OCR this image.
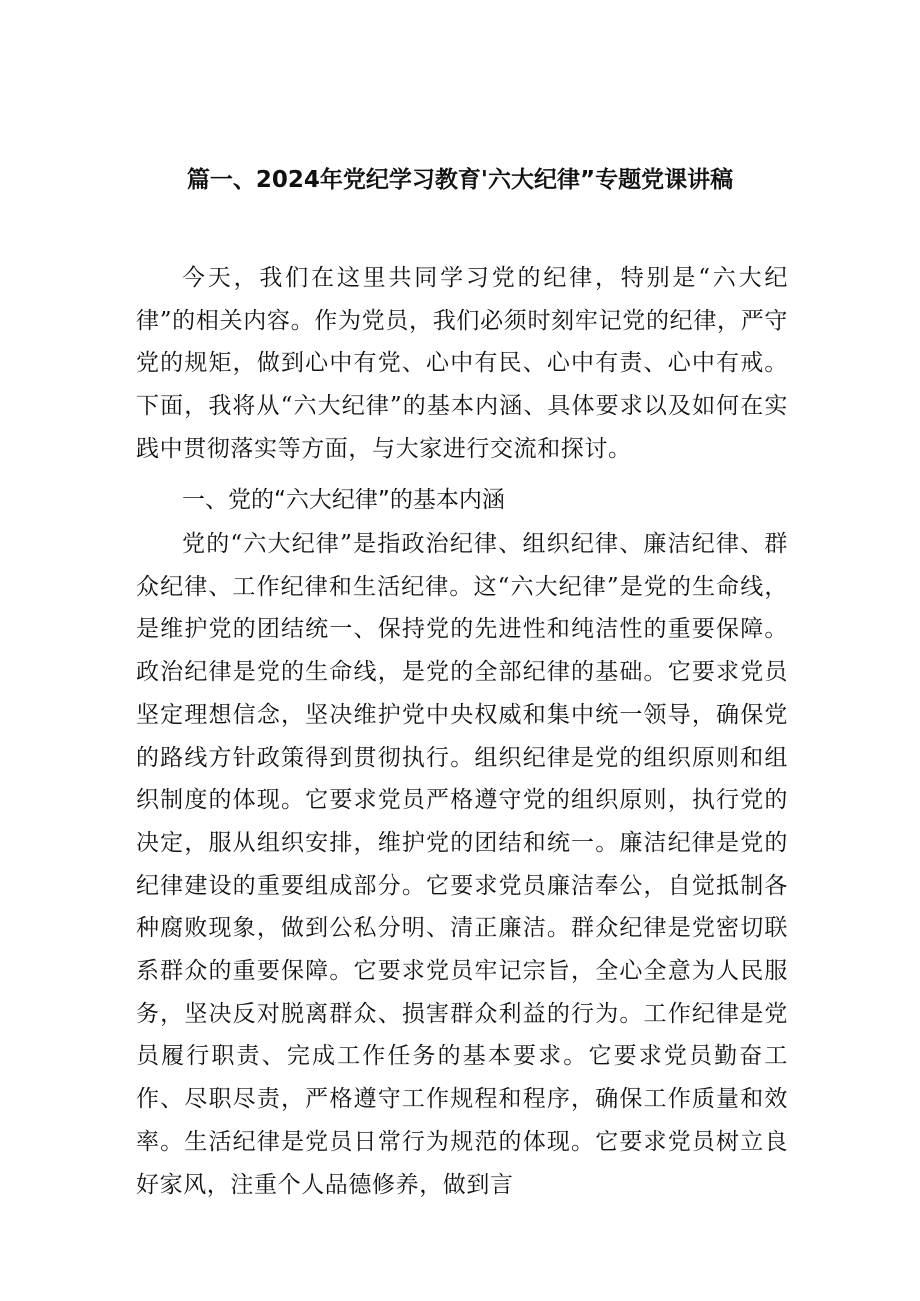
篇一、2024年党纪学习教育'六大纪律”专题党课讲稿
今天，我们在这里共同学习党的纪律，特别是“六大纪律”的相关内容。作为党员，我们必须时刻牢记党的纪律，严守党的规矩，做到心中有党、心中有民、心中有责、心中有戒。下面，我将从“六大纪律”的基本内涵、具体要求以及如何在实践中贯彻落实等方面，与大家进行交流和探讨。
一、党的“六大纪律”的基本内涵
党的“六大纪律”是指政治纪律、组织纪律、廉洁纪律、群众纪律、工作纪律和生活纪律。这“六大纪律”是党的生命线，是维护党的团结统一、保持党的先进性和纯洁性的重要保障。政治纪律是党的生命线，是党的全部纪律的基础。它要求党员坚定理想信念，坚决维护党中央权威和集中统一领导，确保党的路线方针政策得到贯彻执行。组织纪律是党的组织原则和组织制度的体现。它要求党员严格遵守党的组织原则，执行党的决定，服从组织安排，维护党的团结和统一。廉洁纪律是党的纪律建设的重要组成部分。它要求党员廉洁奉公，自觉抵制各种腐败现象，做到公私分明、清正廉洁。群众纪律是党密切联系群众的重要保障。它要求党员牢记宗旨，全心全意为人民服务，坚决反对脱离群众、损害群众利益的行为。工作纪律是党员履行职责、完成工作任务的基本要求。它要求党员勤奋工作、尽职尽责，严格遵守工作规程和程序，确保工作质量和效率。生活纪律是党员日常行为规范的体现。它要求党员树立良好家风，注重个人品德修养，做到言
